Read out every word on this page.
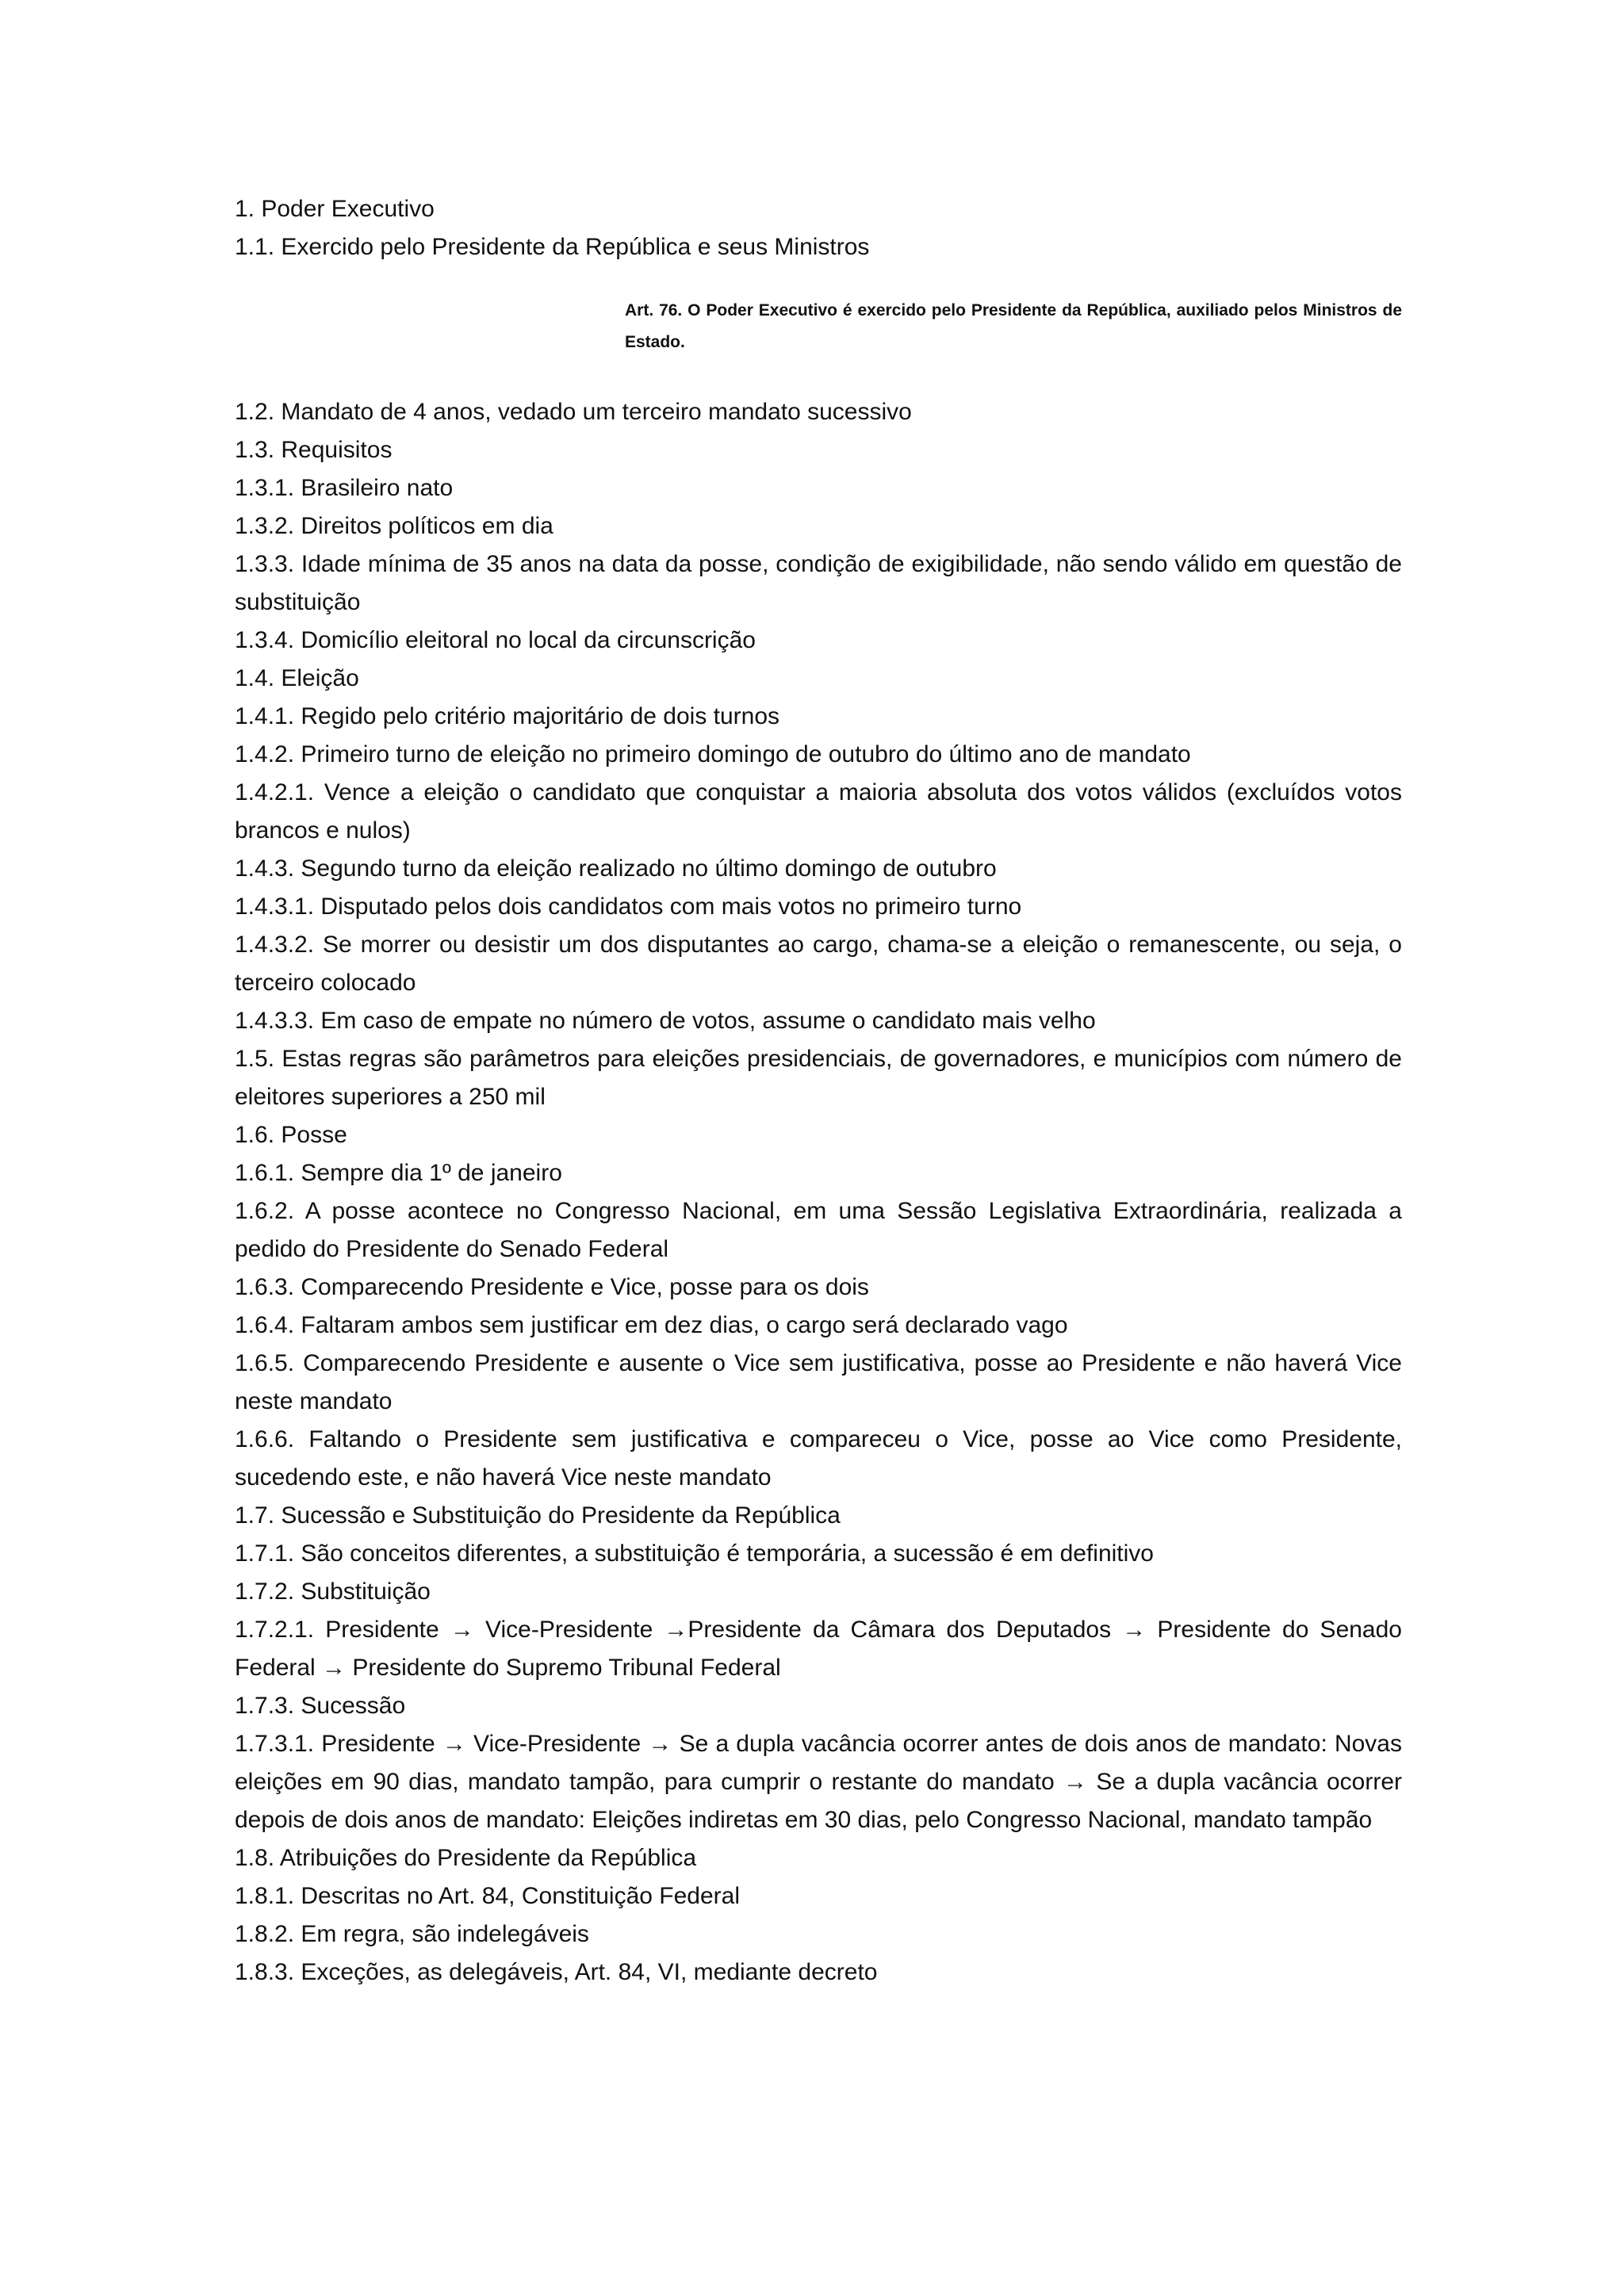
1. Poder Executivo

1.1. Exercido pelo Presidente da República e seus Ministros

Art. 76. O Poder Executivo é exercido pelo Presidente da República, auxiliado pelos Ministros de Estado.

1.2. Mandato de 4 anos, vedado um terceiro mandato sucessivo

1.3. Requisitos

1.3.1. Brasileiro nato

1.3.2. Direitos políticos em dia

1.3.3. Idade mínima de 35 anos na data da posse, condição de exigibilidade, não sendo válido em questão de substituição

1.3.4. Domicílio eleitoral no local da circunscrição

1.4. Eleição

1.4.1. Regido pelo critério majoritário de dois turnos

1.4.2. Primeiro turno de eleição no primeiro domingo de outubro do último ano de mandato

1.4.2.1. Vence a eleição o candidato que conquistar a maioria absoluta dos votos válidos (excluídos votos brancos e nulos)

1.4.3. Segundo turno da eleição realizado no último domingo de outubro

1.4.3.1. Disputado pelos dois candidatos com mais votos no primeiro turno

1.4.3.2. Se morrer ou desistir um dos disputantes ao cargo, chama-se a eleição o remanescente, ou seja, o terceiro colocado

1.4.3.3. Em caso de empate no número de votos, assume o candidato mais velho

1.5. Estas regras são parâmetros para eleições presidenciais, de governadores, e municípios com número de eleitores superiores a 250 mil

1.6. Posse

1.6.1. Sempre dia 1º de janeiro

1.6.2. A posse acontece no Congresso Nacional, em uma Sessão Legislativa Extraordinária, realizada a pedido do Presidente do Senado Federal

1.6.3. Comparecendo Presidente e Vice, posse para os dois

1.6.4. Faltaram ambos sem justificar em dez dias, o cargo será declarado vago

1.6.5. Comparecendo Presidente e ausente o Vice sem justificativa, posse ao Presidente e não haverá Vice neste mandato

1.6.6. Faltando o Presidente sem justificativa e compareceu o Vice, posse ao Vice como Presidente, sucedendo este, e não haverá Vice neste mandato

1.7. Sucessão e Substituição do Presidente da República

1.7.1. São conceitos diferentes, a substituição é temporária, a sucessão é em definitivo

1.7.2. Substituição

1.7.2.1. Presidente → Vice-Presidente →Presidente da Câmara dos Deputados → Presidente do Senado Federal → Presidente do Supremo Tribunal Federal

1.7.3. Sucessão

1.7.3.1. Presidente → Vice-Presidente → Se a dupla vacância ocorrer antes de dois anos de mandato: Novas eleições em 90 dias, mandato tampão, para cumprir o restante do mandato → Se a dupla vacância ocorrer depois de dois anos de mandato: Eleições indiretas em 30 dias, pelo Congresso Nacional, mandato tampão

1.8. Atribuições do Presidente da República

1.8.1. Descritas no Art. 84, Constituição Federal

1.8.2. Em regra, são indelegáveis

1.8.3. Exceções, as delegáveis, Art. 84, VI, mediante decreto
